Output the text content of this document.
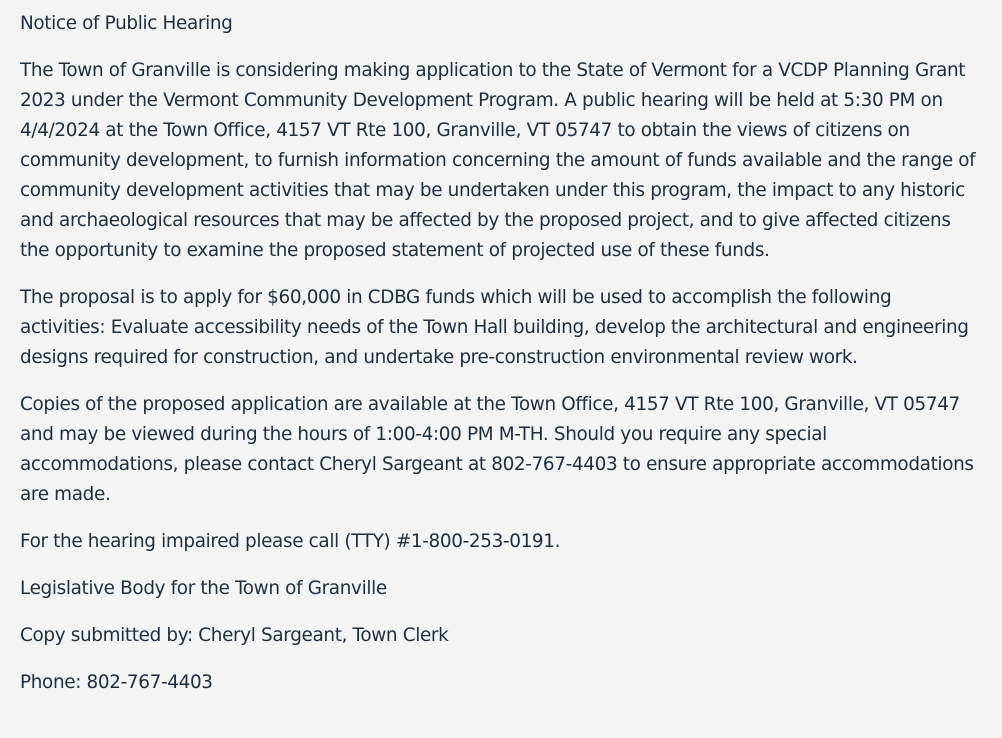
Notice of Public Hearing

The Town of Granville is considering making application to the State of Vermont for a VCDP Planning Grant 2023 under the Vermont Community Development Program. A public hearing will be held at 5:30 PM on 4/4/2024 at the Town Office, 4157 VT Rte 100, Granville, VT 05747 to obtain the views of citizens on community development, to furnish information concerning the amount of funds available and the range of community development activities that may be undertaken under this program, the impact to any historic and archaeological resources that may be affected by the proposed project, and to give affected citizens the opportunity to examine the proposed statement of projected use of these funds.

The proposal is to apply for $60,000 in CDBG funds which will be used to accomplish the following activities: Evaluate accessibility needs of the Town Hall building, develop the architectural and engineering designs required for construction, and undertake pre-construction environmental review work.

Copies of the proposed application are available at the Town Office, 4157 VT Rte 100, Granville, VT 05747 and may be viewed during the hours of 1:00-4:00 PM M-TH. Should you require any special accommodations, please contact Cheryl Sargeant at 802-767-4403 to ensure appropriate accommodations are made.

For the hearing impaired please call (TTY) #1-800-253-0191.

Legislative Body for the Town of Granville

Copy submitted by: Cheryl Sargeant, Town Clerk

Phone: 802-767-4403
